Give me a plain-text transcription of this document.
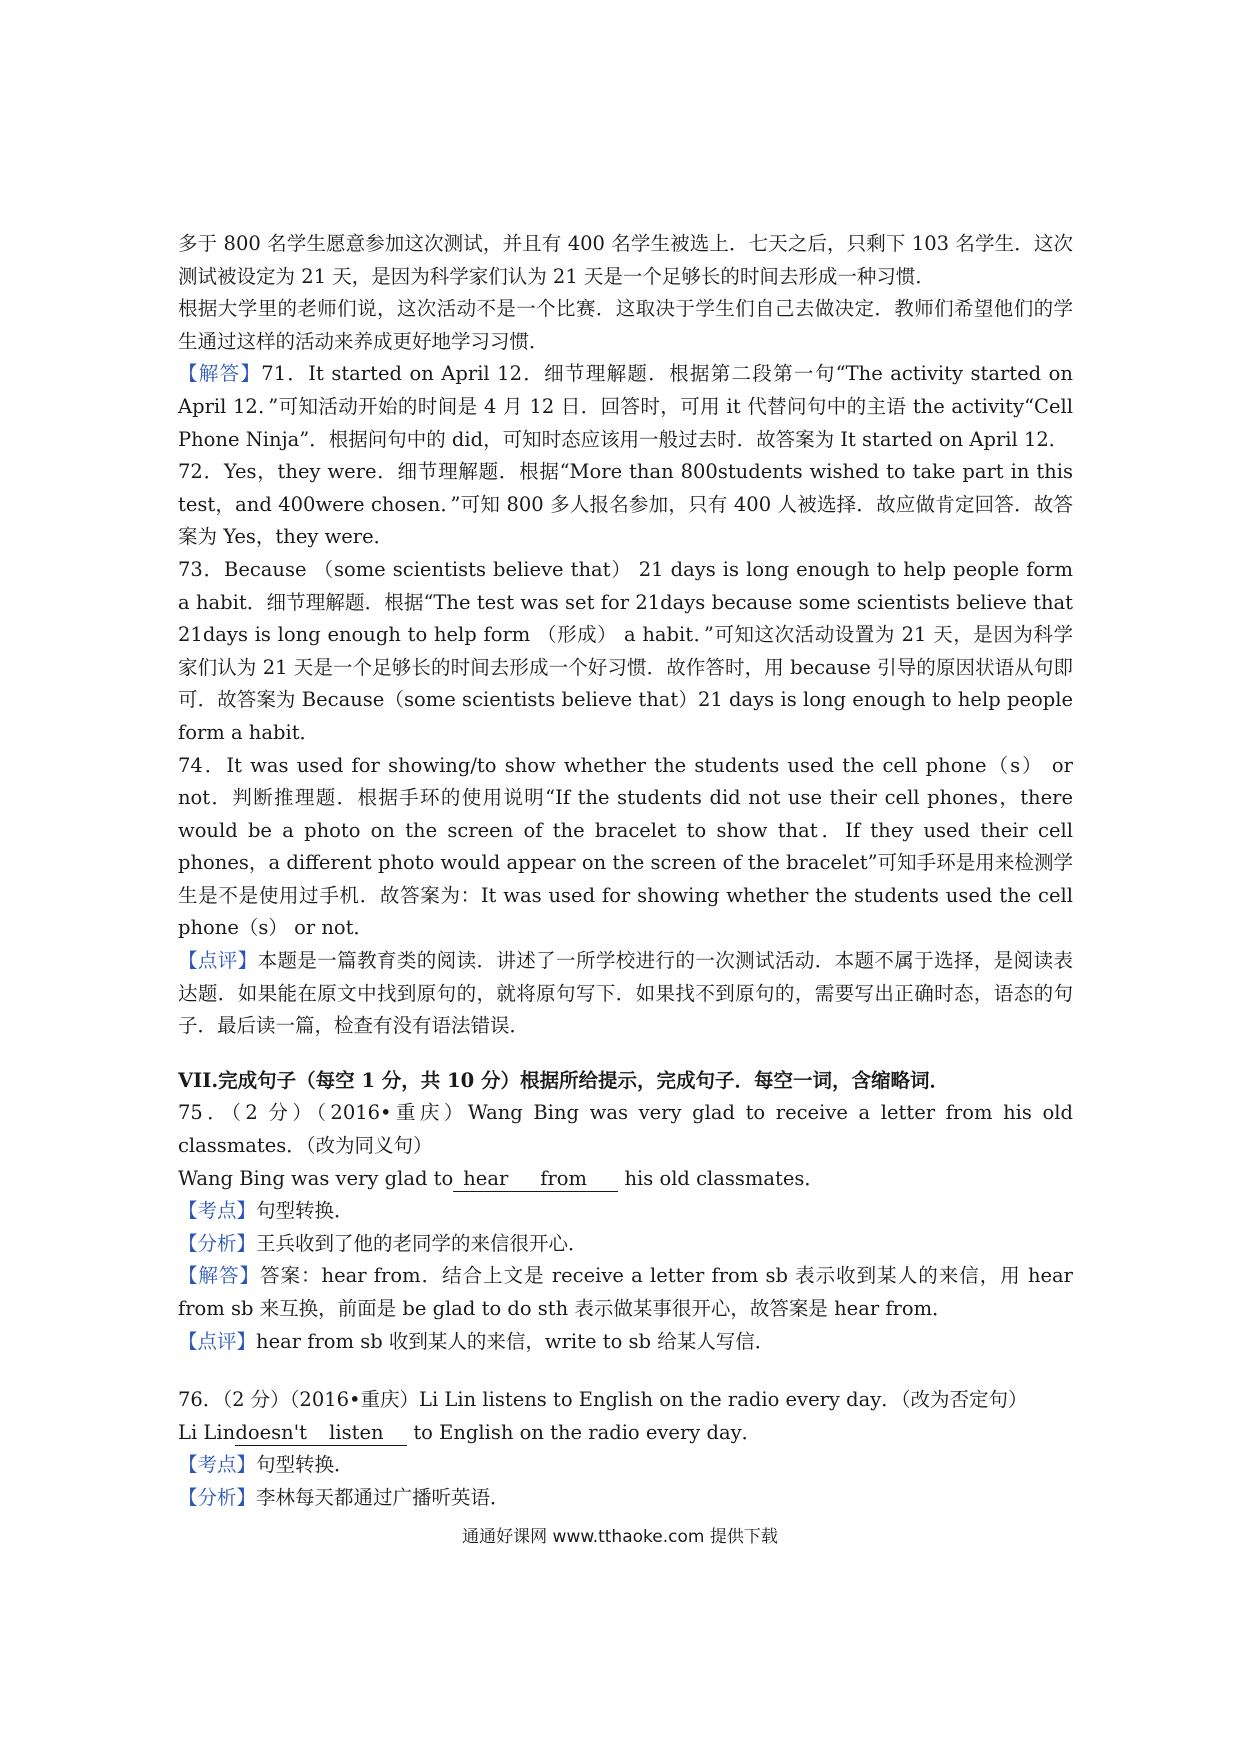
多于 800 名学生愿意参加这次测试，并且有 400 名学生被选上．七天之后，只剩下 103 名学生．这次测试被设定为 21 天，是因为科学家们认为 21 天是一个足够长的时间去形成一种习惯．

根据大学里的老师们说，这次活动不是一个比赛．这取决于学生们自己去做决定．教师们希望他们的学生通过这样的活动来养成更好地学习习惯．

【解答】71．It started on April 12．细节理解题．根据第二段第一句“The activity started on April 12．”可知活动开始的时间是 4 月 12 日．回答时，可用 it 代替问句中的主语 the activity“Cell Phone Ninja”．根据问句中的 did，可知时态应该用一般过去时．故答案为 It started on April 12．

72．Yes，they were．细节理解题．根据“More than 800students wished to take part in this test，and 400were chosen．”可知 800 多人报名参加，只有 400 人被选择．故应做肯定回答．故答案为 Yes，they were．

73．Because （some scientists believe that） 21 days is long enough to help people form a habit．细节理解题．根据“The test was set for 21days because some scientists believe that 21days is long enough to help form （形成） a habit．”可知这次活动设置为 21 天，是因为科学家们认为 21 天是一个足够长的时间去形成一个好习惯．故作答时，用 because 引导的原因状语从句即可．故答案为 Because（some scientists believe that）21 days is long enough to help people form a habit．

74．It was used for showing/to show whether the students used the cell phone（s） or not．判断推理题．根据手环的使用说明“If the students did not use their cell phones，there would be a photo on the screen of the bracelet to show that．If they used their cell phones，a different photo would appear on the screen of the bracelet”可知手环是用来检测学生是不是使用过手机．故答案为：It was used for showing whether the students used the cell phone（s） or not．

【点评】本题是一篇教育类的阅读．讲述了一所学校进行的一次测试活动．本题不属于选择，是阅读表达题．如果能在原文中找到原句的，就将原句写下．如果找不到原句的，需要写出正确时态，语态的句子．最后读一篇，检查有没有语法错误．

VII.完成句子（每空 1 分，共 10 分）根据所给提示，完成句子．每空一词，含缩略词．

75．（2 分）（2016•重庆）Wang Bing was very glad to receive a letter from his old classmates．（改为同义句）

Wang Bing was very glad to hear from his old classmates．

【考点】句型转换．

【分析】王兵收到了他的老同学的来信很开心．

【解答】答案：hear from．结合上文是 receive a letter from sb 表示收到某人的来信，用 hear from sb 来互换，前面是 be glad to do sth 表示做某事很开心，故答案是 hear from．

【点评】hear from sb 收到某人的来信，write to sb 给某人写信．

76．（2 分）（2016•重庆）Li Lin listens to English on the radio every day．（改为否定句）

Li Lindoesn't listen to English on the radio every day．

【考点】句型转换．

【分析】李林每天都通过广播听英语．

通通好课网 www.tthaoke.com 提供下载
